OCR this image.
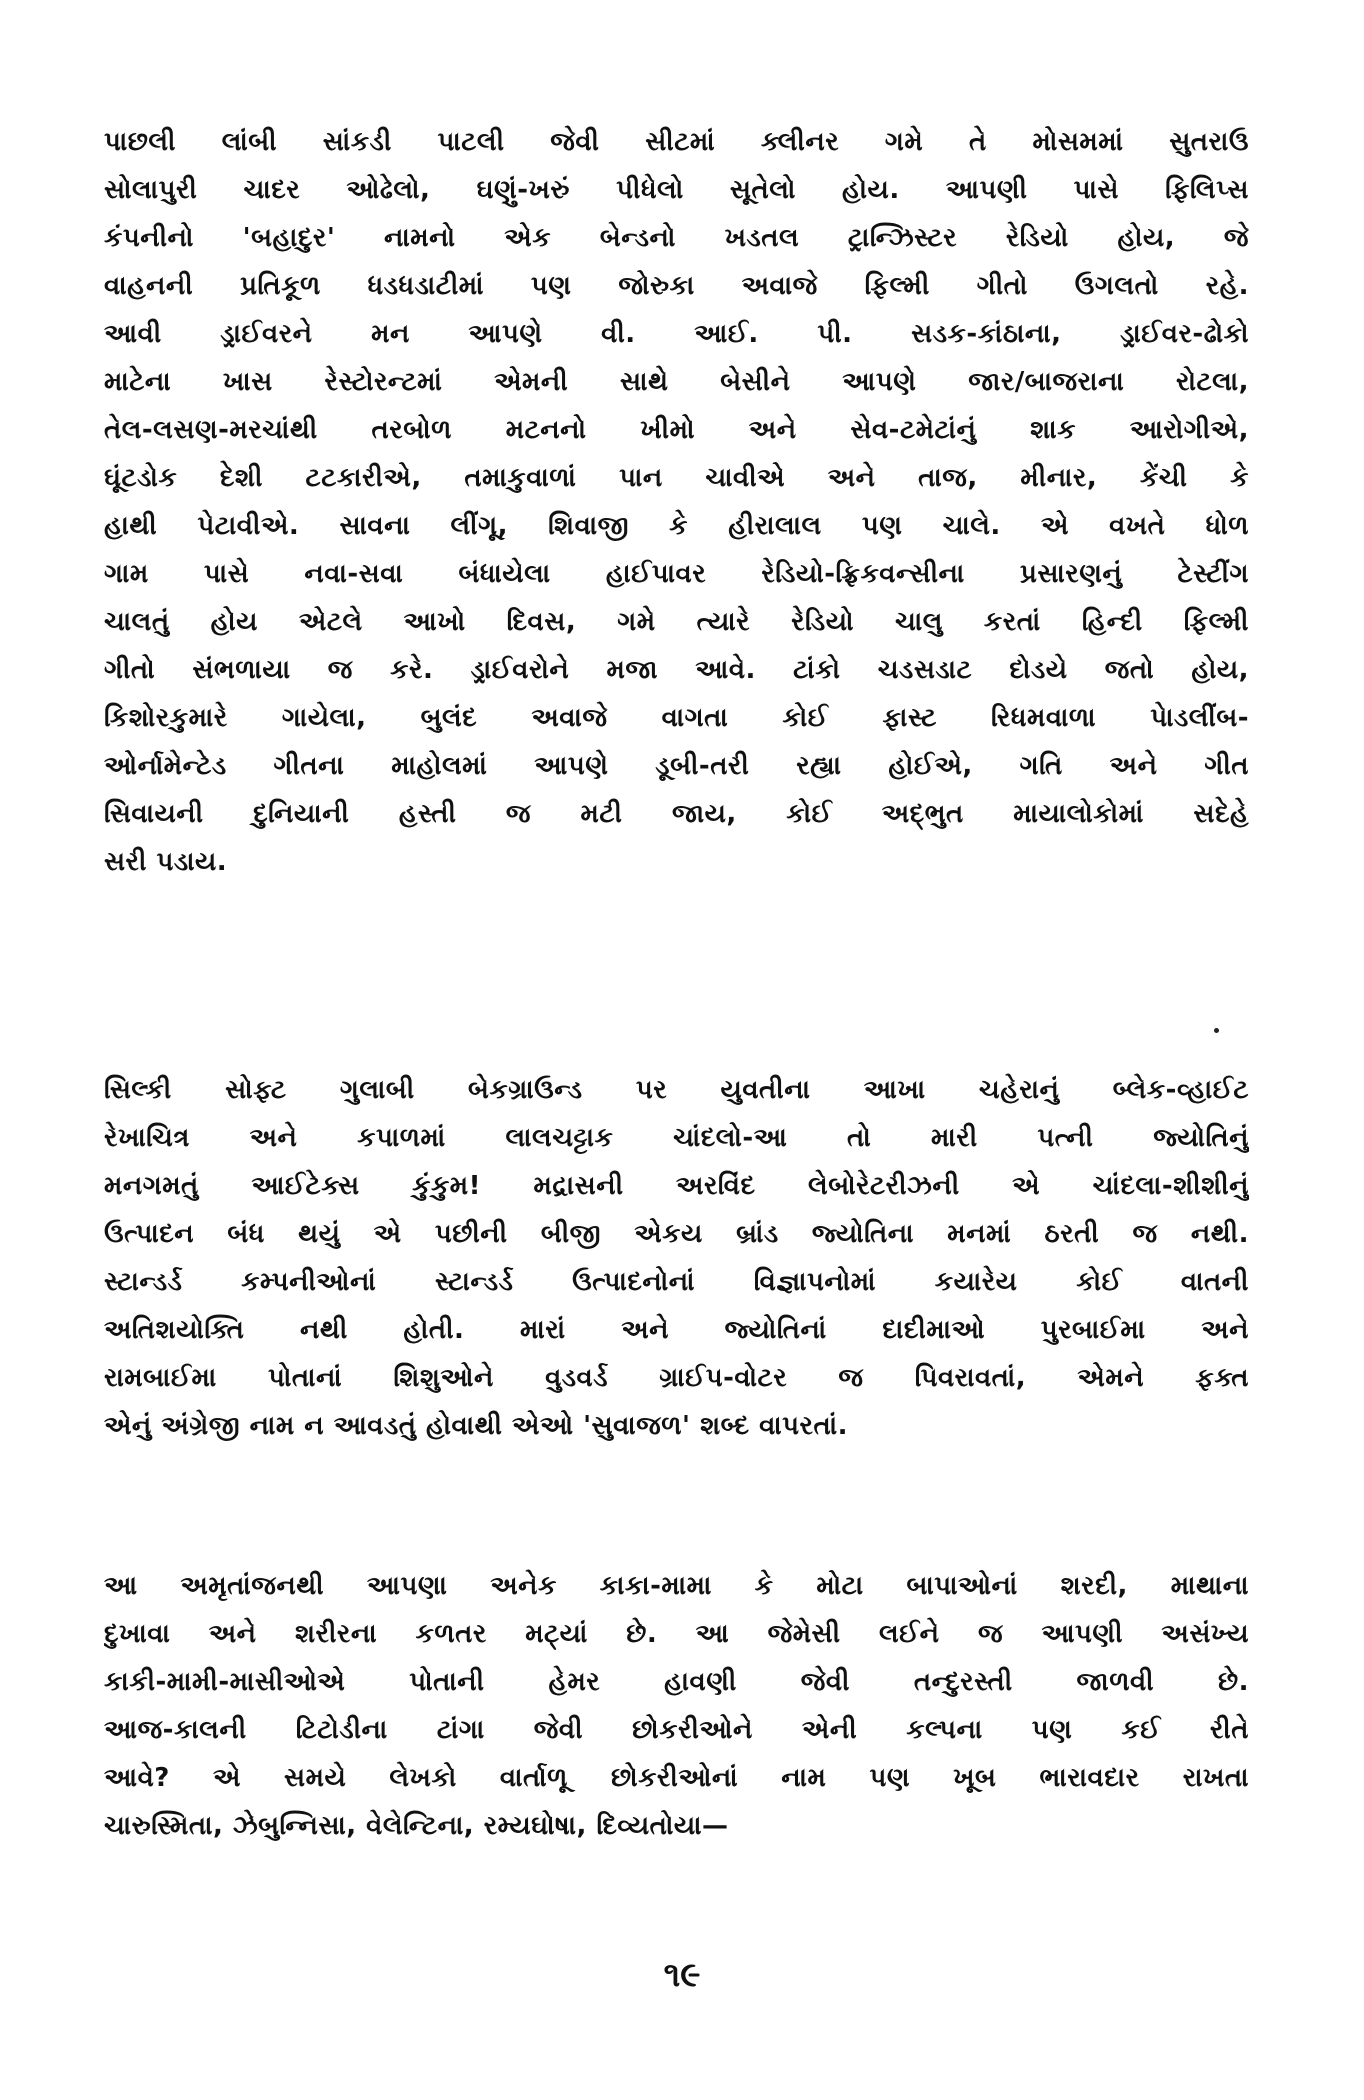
પાછલી લાંબી સાંકડી પાટલી જેવી સીટમાં ક્લીનર ગમે તે મોસમમાં સુતરાઉ
સોલાપુરી ચાદર ઓઢેલો, ઘણું-ખરું પીધેલો સૂતેલો હોય. આપણી પાસે ફિલિપ્સ
કંપનીનો 'બહાદુર' નામનો એક બેન્ડનો ખડતલ ટ્રાન્ઝિસ્ટર રેડિયો હોય, જે
વાહનની પ્રતિકૂળ ધડધડાટીમાં પણ જોરુકા અવાજે ફિલ્મી ગીતો ઉગલતો રહે.
આવી ડ્રાઈવરને મન આપણે વી. આઈ. પી. સડક-કાંઠાના, ડ્રાઈવર-ઢોકો
માટેના ખાસ રેસ્ટોરન્ટમાં એમની સાથે બેસીને આપણે જાર/બાજરાના રોટલા,
તેલ-લસણ-મરચાંથી તરબોળ મટનનો ખીમો અને સેવ-ટમેટાંનું શાક આરોગીએ,
ઘૂંટડોક દેશી ટટકારીએ, તમાકુવાળાં પાન ચાવીએ અને તાજ, મીનાર, કેંચી કે
હાથી પેટાવીએ. સાવના લીંગૂ, શિવાજી કે હીરાલાલ પણ ચાલે. એ વખતે ધોળ
ગામ પાસે નવા-સવા બંધાયેલા હાઈપાવર રેડિયો-ફ્રિકવન્સીના પ્રસારણનું ટેસ્ટીંગ
ચાલતું હોય એટલે આખો દિવસ, ગમે ત્યારે રેડિયો ચાલુ કરતાં હિન્દી ફિલ્મી
ગીતો સંભળાયા જ કરે. ડ્રાઈવરોને મજા આવે. ટાંકો ચડસડાટ દોડયે જતો હોય,
કિશોરકુમારે ગાયેલા, બુલંદ અવાજે વાગતા કોઈ ફાસ્ટ રિધમવાળા પેાડલીંબ-
ઓર્નામેન્ટેડ ગીતના માહોલમાં આપણે ડૂબી-તરી રહ્યા હોઈએ, ગતિ અને ગીત
સિવાયની દુનિયાની હસ્તી જ મટી જાય, કોઈ અદ્ભુત માયાલોકોમાં સદેહે
સરી પડાય.
સિલ્કી સોફ્ટ ગુલાબી બેકગ્રાઉન્ડ પર યુવતીના આખા ચહેરાનું બ્લેક-વ્હાઈટ
રેખાચિત્ર અને કપાળમાં લાલચટ્ટાક ચાંદલો-આ તો મારી પત્ની જ્યોતિનું
મનગમતું આઈટેક્સ કુંકુમ! મદ્રાસની અરવિંદ લેબોરેટરીઝની એ ચાંદલા-શીશીનું
ઉત્પાદન બંધ થયું એ પછીની બીજી એકય બ્રાંડ જ્યોતિના મનમાં ઠરતી જ નથી.
સ્ટાન્ડર્ડ કમ્પનીઓનાં સ્ટાન્ડર્ડ ઉત્પાદનોનાં વિજ્ઞાપનોમાં કયારેય કોઈ વાતની
અતિશયોક્તિ નથી હોતી. મારાં અને જ્યોતિનાં દાદીમાઓ પુરબાઈમા અને
રામબાઈમા પોતાનાં શિશુઓને વુડવર્ડ ગ્રાઈપ-વોટર જ પિવરાવતાં, એમને ફક્ત
એનું અંગ્રેજી નામ ન આવડતું હોવાથી એઓ 'સુવાજળ' શબ્દ વાપરતાં.
આ અમૃતાંજનથી આપણા અનેક કાકા-મામા કે મોટા બાપાઓનાં શરદી, માથાના
દુખાવા અને શરીરના કળતર મટ્યાં છે. આ જેમેસી લઈને જ આપણી અસંખ્ય
કાકી-મામી-માસીઓએ પોતાની હેમર હાવણી જેવી તન્દુરસ્તી જાળવી છે.
આજ-કાલની ટિટોડીના ટાંગા જેવી છોકરીઓને એની કલ્પના પણ કઈ રીતે
આવે? એ સમયે લેખકો વાર્તાળૂ છોકરીઓનાં નામ પણ ખૂબ ભારાવદાર રાખતા
ચારુસ્મિતા, ઝેબુન્નિસા, વેલેન્ટિના, રમ્યઘોષા, દિવ્યતોયા—
૧૯
